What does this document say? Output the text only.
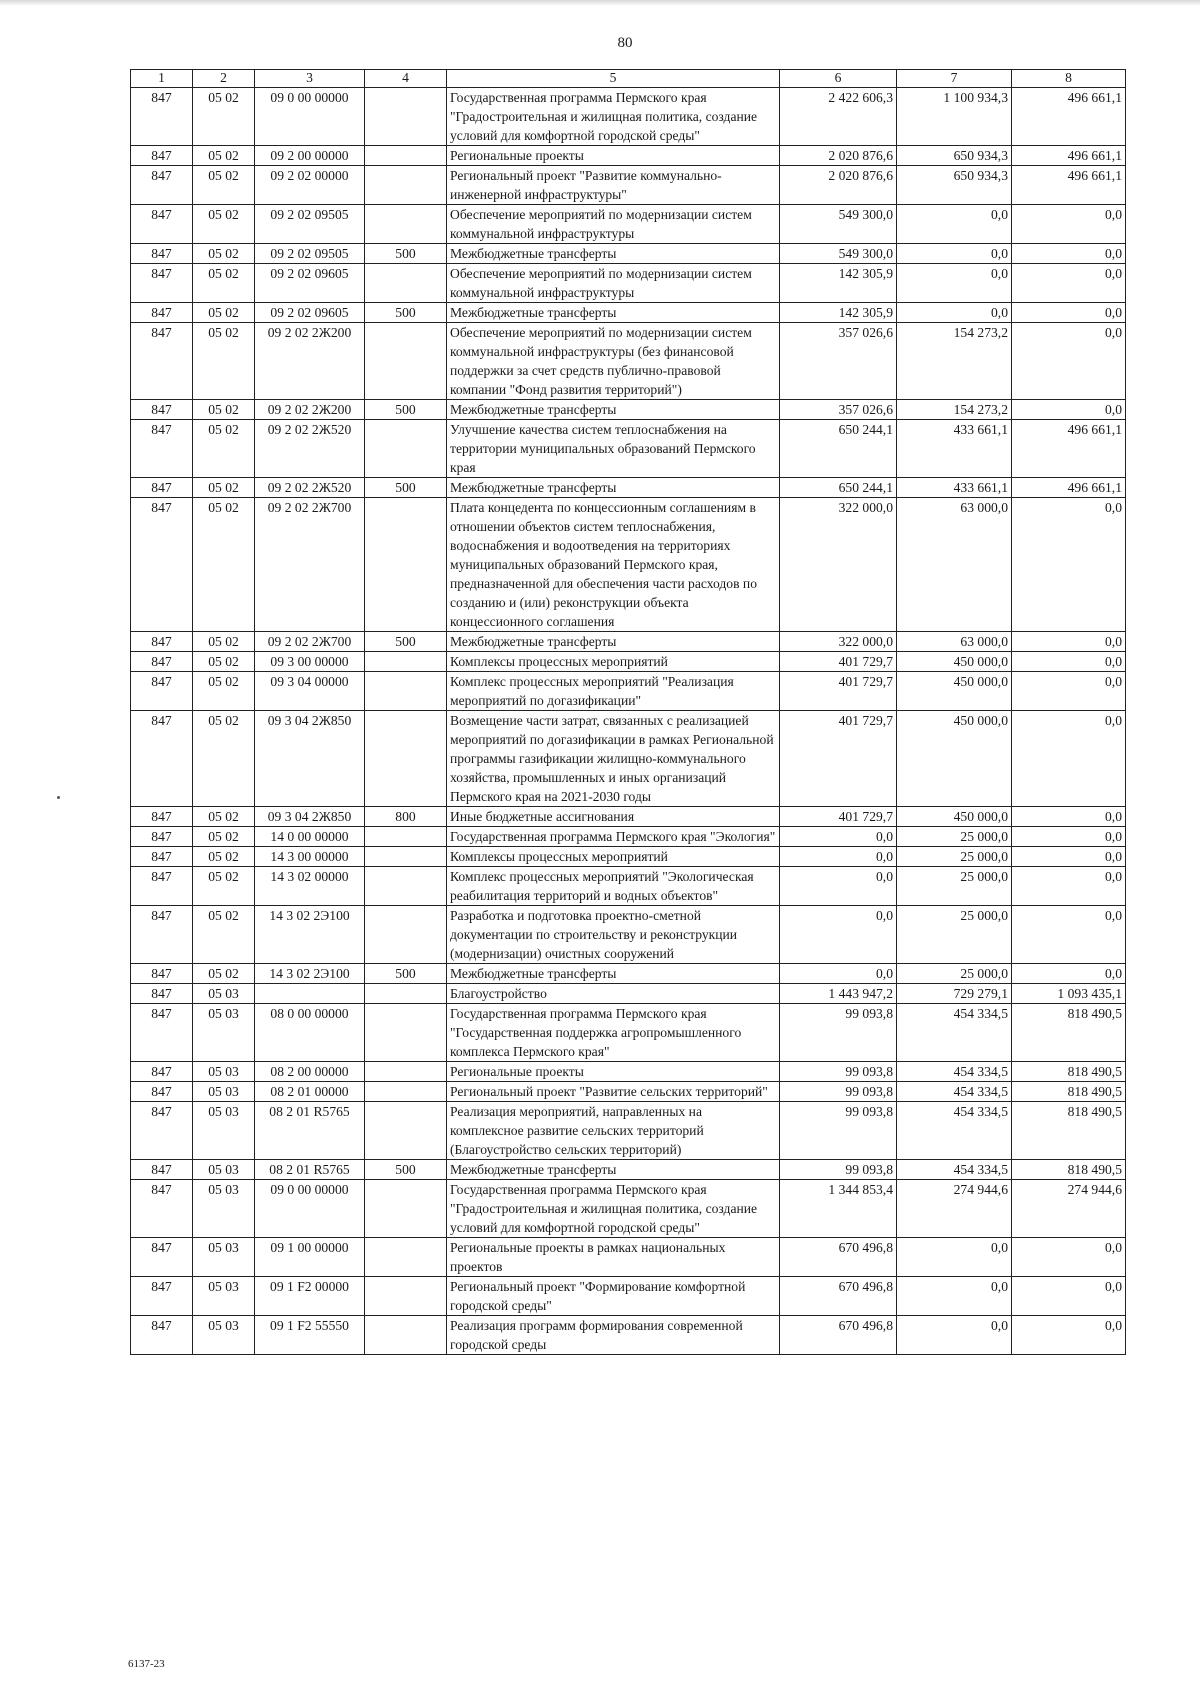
80
1	2	3	4	5	6	7	8
847	05 02	09 0 00 00000		Государственная программа Пермского края "Градостроительная и жилищная политика, создание условий для комфортной городской среды"	2 422 606,3	1 100 934,3	496 661,1
847	05 02	09 2 00 00000		Региональные проекты	2 020 876,6	650 934,3	496 661,1
847	05 02	09 2 02 00000		Региональный проект "Развитие коммунально-инженерной инфраструктуры"	2 020 876,6	650 934,3	496 661,1
847	05 02	09 2 02 09505		Обеспечение мероприятий по модернизации систем коммунальной инфраструктуры	549 300,0	0,0	0,0
847	05 02	09 2 02 09505	500	Межбюджетные трансферты	549 300,0	0,0	0,0
847	05 02	09 2 02 09605		Обеспечение мероприятий по модернизации систем коммунальной инфраструктуры	142 305,9	0,0	0,0
847	05 02	09 2 02 09605	500	Межбюджетные трансферты	142 305,9	0,0	0,0
847	05 02	09 2 02 2Ж200		Обеспечение мероприятий по модернизации систем коммунальной инфраструктуры (без финансовой поддержки за счет средств публично-правовой компании "Фонд развития территорий")	357 026,6	154 273,2	0,0
847	05 02	09 2 02 2Ж200	500	Межбюджетные трансферты	357 026,6	154 273,2	0,0
847	05 02	09 2 02 2Ж520		Улучшение качества систем теплоснабжения на территории муниципальных образований Пермского края	650 244,1	433 661,1	496 661,1
847	05 02	09 2 02 2Ж520	500	Межбюджетные трансферты	650 244,1	433 661,1	496 661,1
847	05 02	09 2 02 2Ж700		Плата концедента по концессионным соглашениям в отношении объектов систем теплоснабжения, водоснабжения и водоотведения на территориях муниципальных образований Пермского края, предназначенной для обеспечения части расходов по созданию и (или) реконструкции объекта концессионного соглашения	322 000,0	63 000,0	0,0
847	05 02	09 2 02 2Ж700	500	Межбюджетные трансферты	322 000,0	63 000,0	0,0
847	05 02	09 3 00 00000		Комплексы процессных мероприятий	401 729,7	450 000,0	0,0
847	05 02	09 3 04 00000		Комплекс процессных мероприятий "Реализация мероприятий по догазификации"	401 729,7	450 000,0	0,0
847	05 02	09 3 04 2Ж850		Возмещение части затрат, связанных с реализацией мероприятий по догазификации в рамках Региональной программы газификации жилищно-коммунального хозяйства, промышленных и иных организаций Пермского края на 2021-2030 годы	401 729,7	450 000,0	0,0
847	05 02	09 3 04 2Ж850	800	Иные бюджетные ассигнования	401 729,7	450 000,0	0,0
847	05 02	14 0 00 00000		Государственная программа Пермского края "Экология"	0,0	25 000,0	0,0
847	05 02	14 3 00 00000		Комплексы процессных мероприятий	0,0	25 000,0	0,0
847	05 02	14 3 02 00000		Комплекс процессных мероприятий "Экологическая реабилитация территорий и водных объектов"	0,0	25 000,0	0,0
847	05 02	14 3 02 2Э100		Разработка и подготовка проектно-сметной документации по строительству и реконструкции (модернизации) очистных сооружений	0,0	25 000,0	0,0
847	05 02	14 3 02 2Э100	500	Межбюджетные трансферты	0,0	25 000,0	0,0
847	05 03			Благоустройство	1 443 947,2	729 279,1	1 093 435,1
847	05 03	08 0 00 00000		Государственная программа Пермского края "Государственная поддержка агропромышленного комплекса Пермского края"	99 093,8	454 334,5	818 490,5
847	05 03	08 2 00 00000		Региональные проекты	99 093,8	454 334,5	818 490,5
847	05 03	08 2 01 00000		Региональный проект "Развитие сельских территорий"	99 093,8	454 334,5	818 490,5
847	05 03	08 2 01 R5765		Реализация мероприятий, направленных на комплексное развитие сельских территорий (Благоустройство сельских территорий)	99 093,8	454 334,5	818 490,5
847	05 03	08 2 01 R5765	500	Межбюджетные трансферты	99 093,8	454 334,5	818 490,5
847	05 03	09 0 00 00000		Государственная программа Пермского края "Градостроительная и жилищная политика, создание условий для комфортной городской среды"	1 344 853,4	274 944,6	274 944,6
847	05 03	09 1 00 00000		Региональные проекты в рамках национальных проектов	670 496,8	0,0	0,0
847	05 03	09 1 F2 00000		Региональный проект "Формирование комфортной городской среды"	670 496,8	0,0	0,0
847	05 03	09 1 F2 55550		Реализация программ формирования современной городской среды	670 496,8	0,0	0,0
6137-23
